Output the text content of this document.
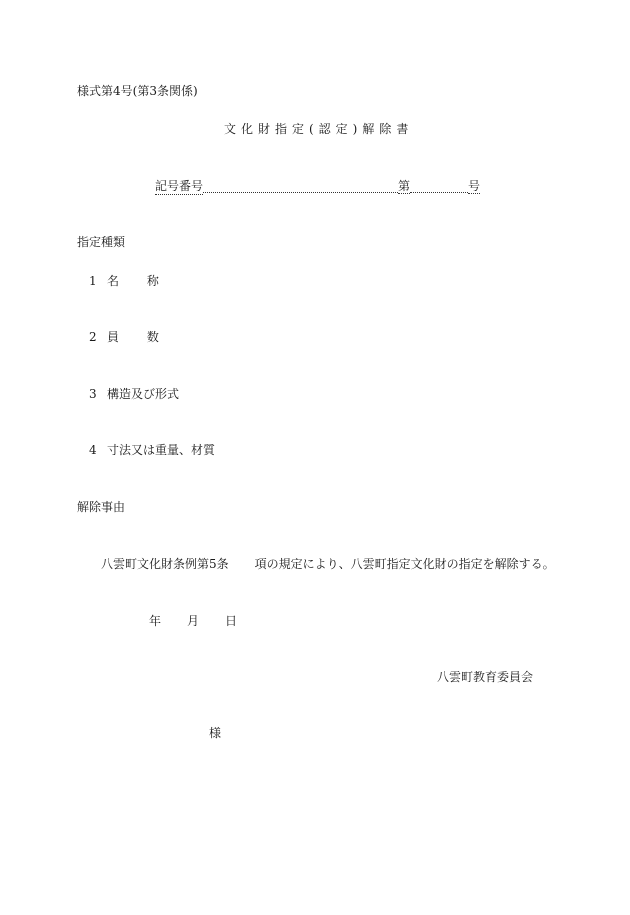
様式第4号(第3条関係)
文化財指定(認定)解除書
記号番号	第	号
指定種類
1 名 称
2 員 数
3 構造及び形式
4 寸法又は重量、材質
解除事由
八雲町文化財条例第5条 項の規定により、八雲町指定文化財の指定を解除する。
年 月 日
八雲町教育委員会
様
